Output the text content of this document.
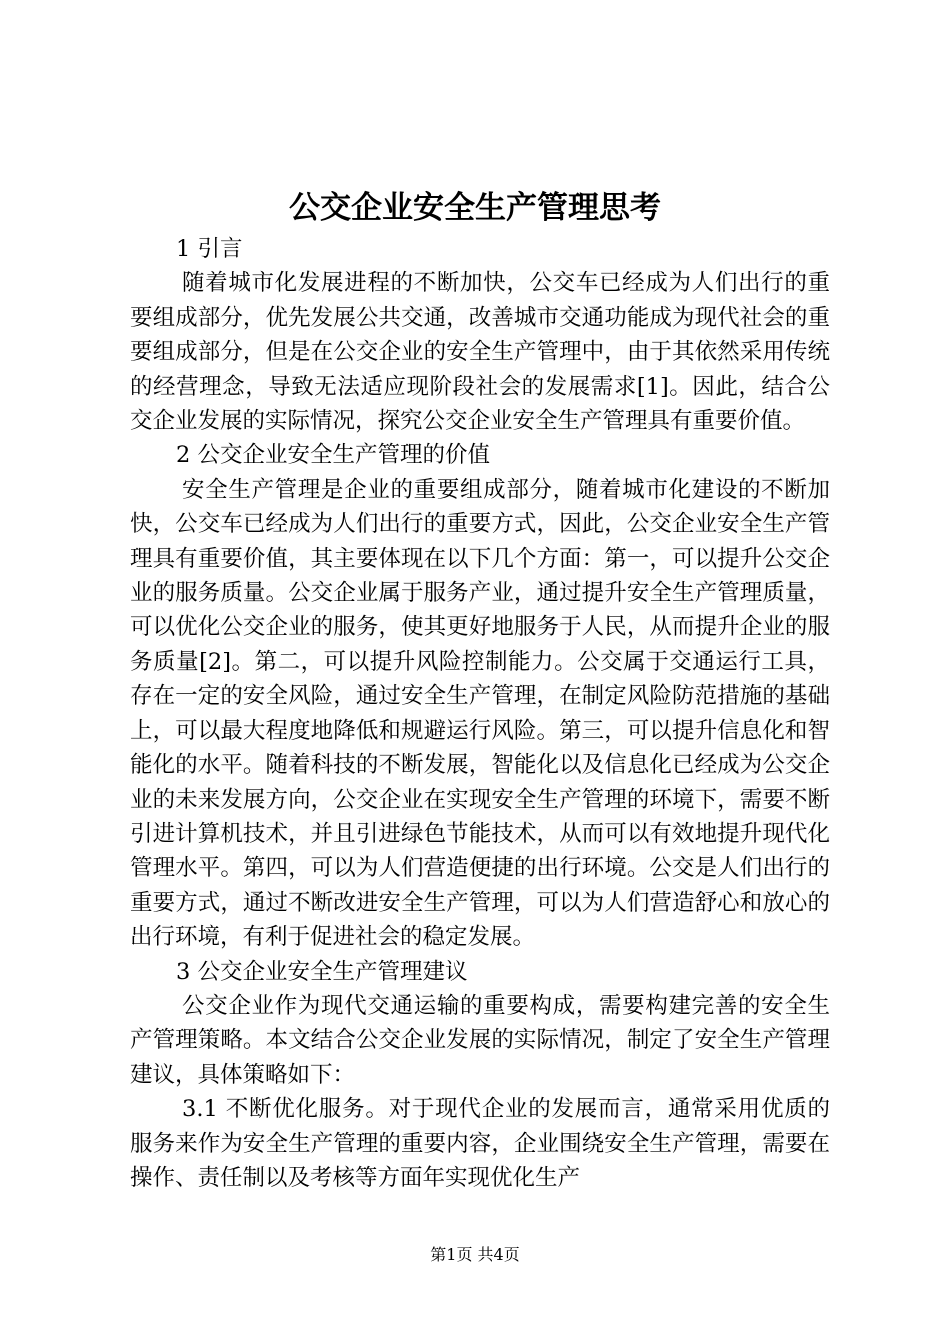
公交企业安全生产管理思考

1 引言

随着城市化发展进程的不断加快，公交车已经成为人们出行的重要组成部分，优先发展公共交通，改善城市交通功能成为现代社会的重要组成部分，但是在公交企业的安全生产管理中，由于其依然采用传统的经营理念，导致无法适应现阶段社会的发展需求[1]。因此，结合公交企业发展的实际情况，探究公交企业安全生产管理具有重要价值。

2 公交企业安全生产管理的价值

安全生产管理是企业的重要组成部分，随着城市化建设的不断加快，公交车已经成为人们出行的重要方式，因此，公交企业安全生产管理具有重要价值，其主要体现在以下几个方面：第一，可以提升公交企业的服务质量。公交企业属于服务产业，通过提升安全生产管理质量，可以优化公交企业的服务，使其更好地服务于人民，从而提升企业的服务质量[2]。第二，可以提升风险控制能力。公交属于交通运行工具，存在一定的安全风险，通过安全生产管理，在制定风险防范措施的基础上，可以最大程度地降低和规避运行风险。第三，可以提升信息化和智能化的水平。随着科技的不断发展，智能化以及信息化已经成为公交企业的未来发展方向，公交企业在实现安全生产管理的环境下，需要不断引进计算机技术，并且引进绿色节能技术，从而可以有效地提升现代化管理水平。第四，可以为人们营造便捷的出行环境。公交是人们出行的重要方式，通过不断改进安全生产管理，可以为人们营造舒心和放心的出行环境，有利于促进社会的稳定发展。

3 公交企业安全生产管理建议

公交企业作为现代交通运输的重要构成，需要构建完善的安全生产管理策略。本文结合公交企业发展的实际情况，制定了安全生产管理建议，具体策略如下：

3.1 不断优化服务。对于现代企业的发展而言，通常采用优质的服务来作为安全生产管理的重要内容，企业围绕安全生产管理，需要在操作、责任制以及考核等方面年实现优化生产

第1页 共4页
